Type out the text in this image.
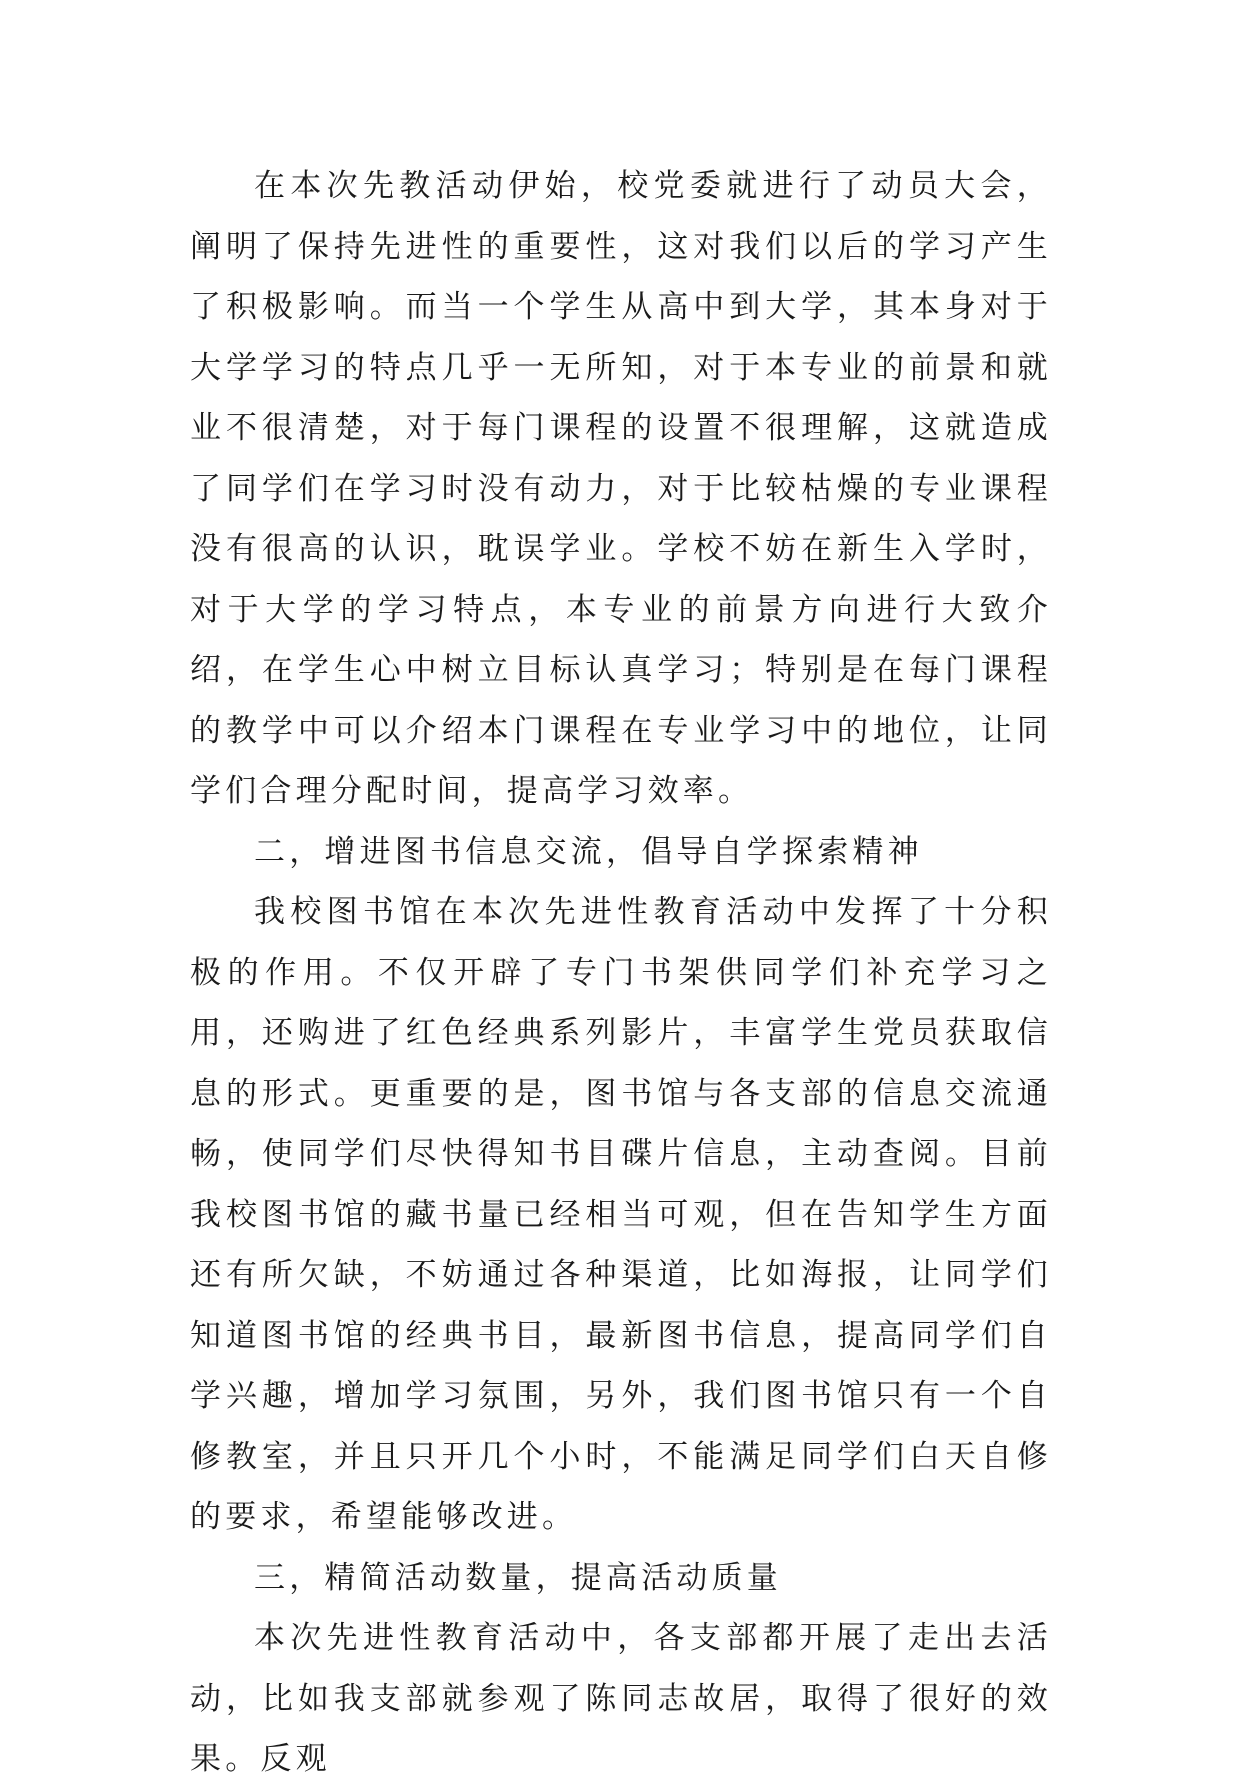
在本次先教活动伊始，校党委就进行了动员大会，阐明了保持先进性的重要性，这对我们以后的学习产生了积极影响。而当一个学生从高中到大学，其本身对于大学学习的特点几乎一无所知，对于本专业的前景和就业不很清楚，对于每门课程的设置不很理解，这就造成了同学们在学习时没有动力，对于比较枯燥的专业课程没有很高的认识，耽误学业。学校不妨在新生入学时，对于大学的学习特点，本专业的前景方向进行大致介绍，在学生心中树立目标认真学习；特别是在每门课程的教学中可以介绍本门课程在专业学习中的地位，让同学们合理分配时间，提高学习效率。

二，增进图书信息交流，倡导自学探索精神

我校图书馆在本次先进性教育活动中发挥了十分积极的作用。不仅开辟了专门书架供同学们补充学习之用，还购进了红色经典系列影片，丰富学生党员获取信息的形式。更重要的是，图书馆与各支部的信息交流通畅，使同学们尽快得知书目碟片信息，主动查阅。目前我校图书馆的藏书量已经相当可观，但在告知学生方面还有所欠缺，不妨通过各种渠道，比如海报，让同学们知道图书馆的经典书目，最新图书信息，提高同学们自学兴趣，增加学习氛围，另外，我们图书馆只有一个自修教室，并且只开几个小时，不能满足同学们白天自修的要求，希望能够改进。

三，精简活动数量，提高活动质量

本次先进性教育活动中，各支部都开展了走出去活动，比如我支部就参观了陈同志故居，取得了很好的效果。反观
